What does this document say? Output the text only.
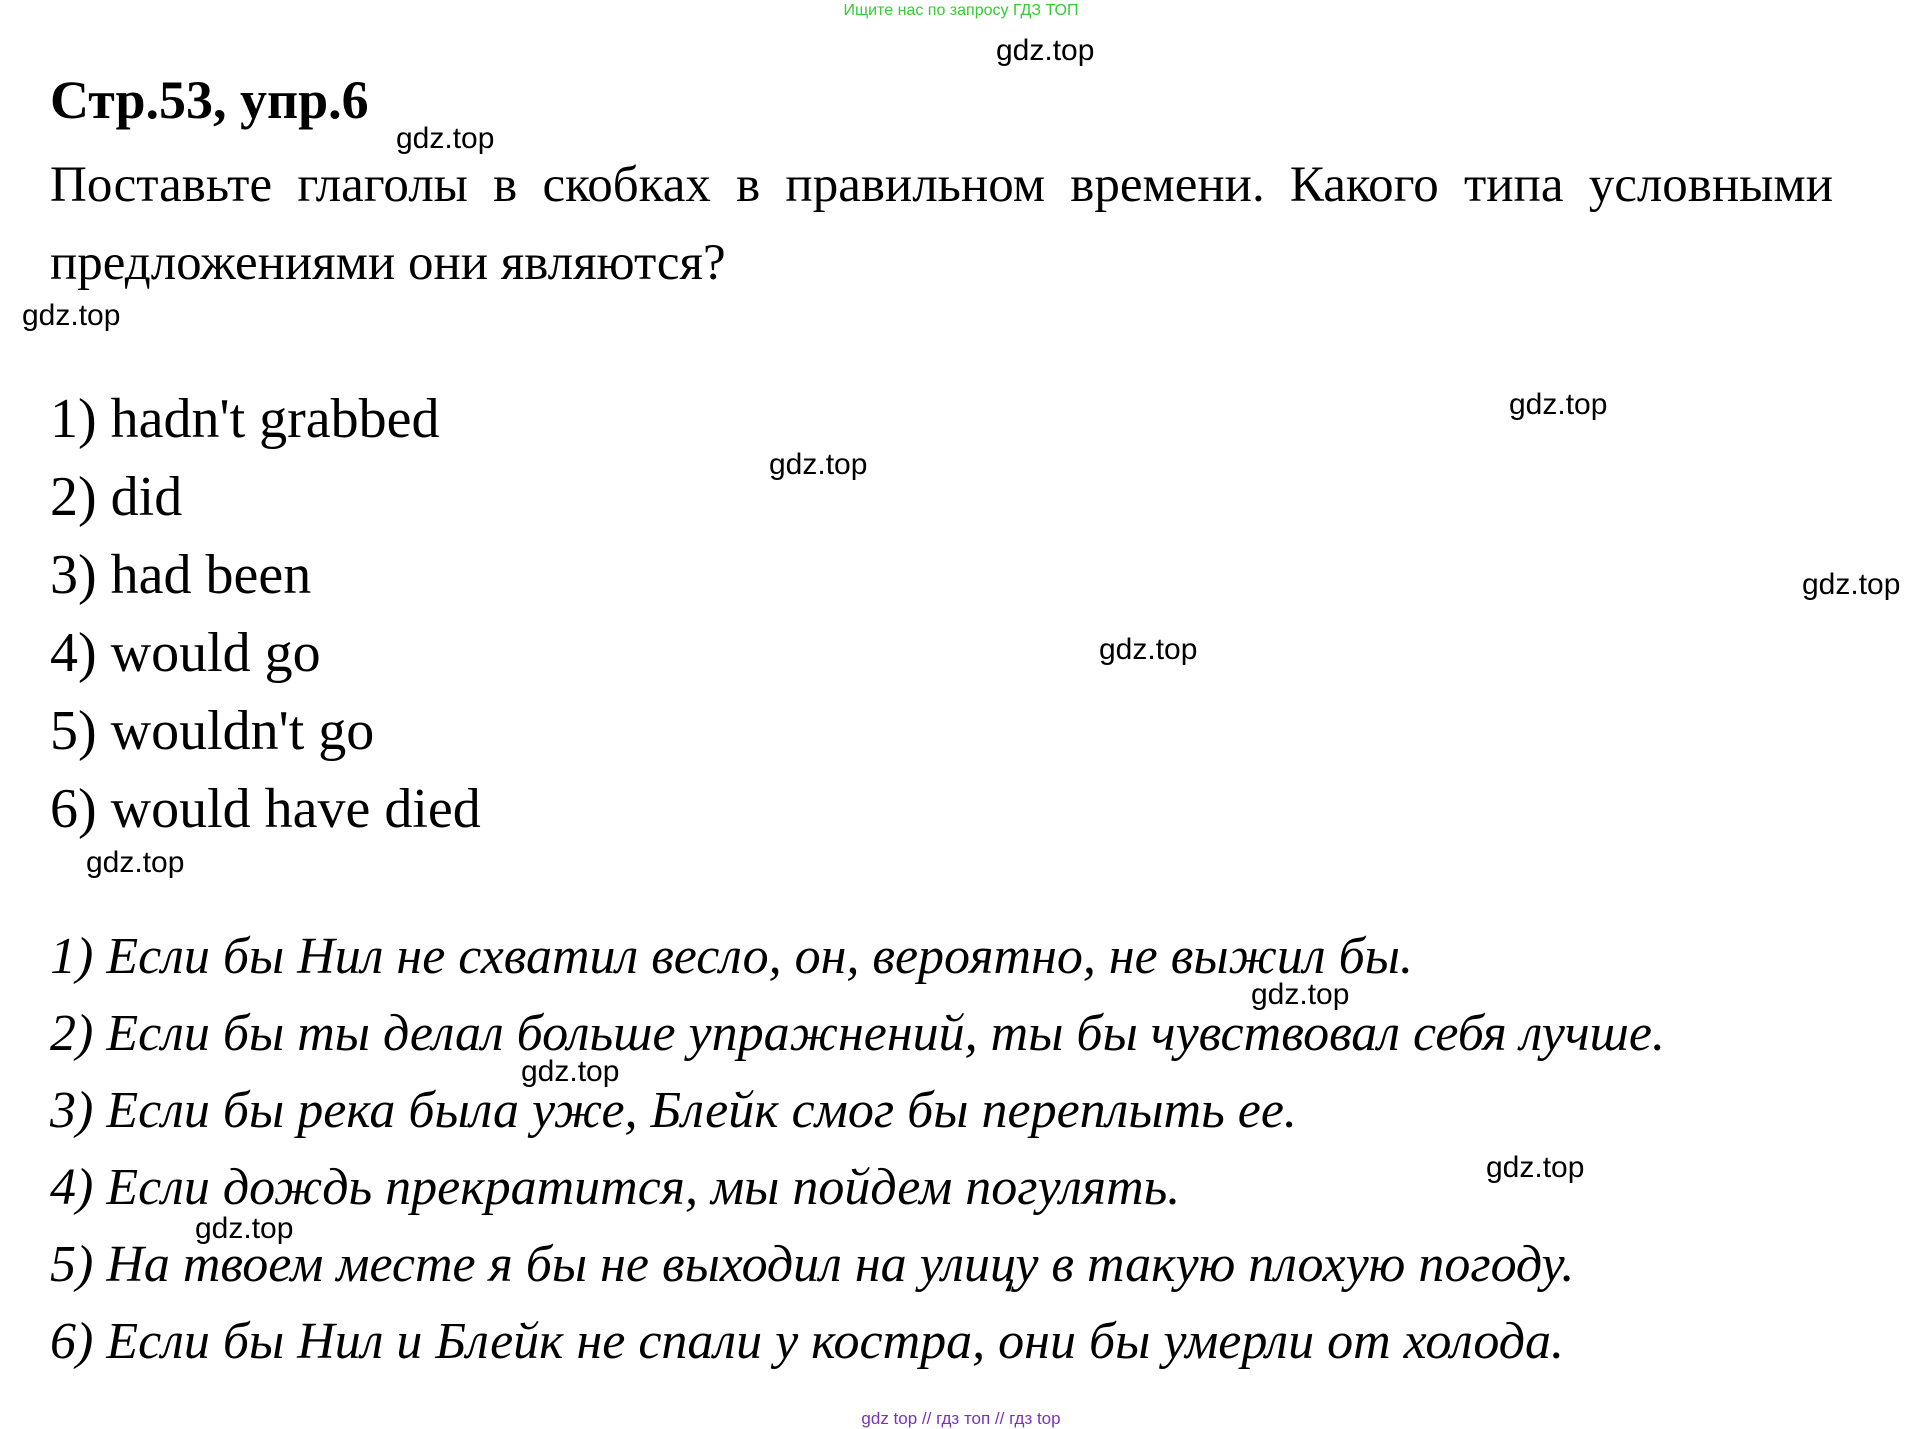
Ищите нас по запросу ГДЗ ТОП
gdz.top
gdz.top
gdz.top
gdz.top
gdz.top
gdz.top
gdz.top
gdz.top
gdz.top
gdz.top
gdz.top
gdz.top
Стр.53, упр.6

Поставьте глаголы в скобках в правильном времени. Какого типа условными предложениями они являются?

1) hadn't grabbed
2) did
3) had been
4) would go
5) wouldn't go
6) would have died
1) Если бы Нил не схватил весло, он, вероятно, не выжил бы.
2) Если бы ты делал больше упражнений, ты бы чувствовал себя лучше.
3) Если бы река была уже, Блейк смог бы переплыть ее.
4) Если дождь прекратится, мы пойдем погулять.
5) На твоем месте я бы не выходил на улицу в такую плохую погоду.
6) Если бы Нил и Блейк не спали у костра, они бы умерли от холода.
gdz top // гдз топ // гдз top
